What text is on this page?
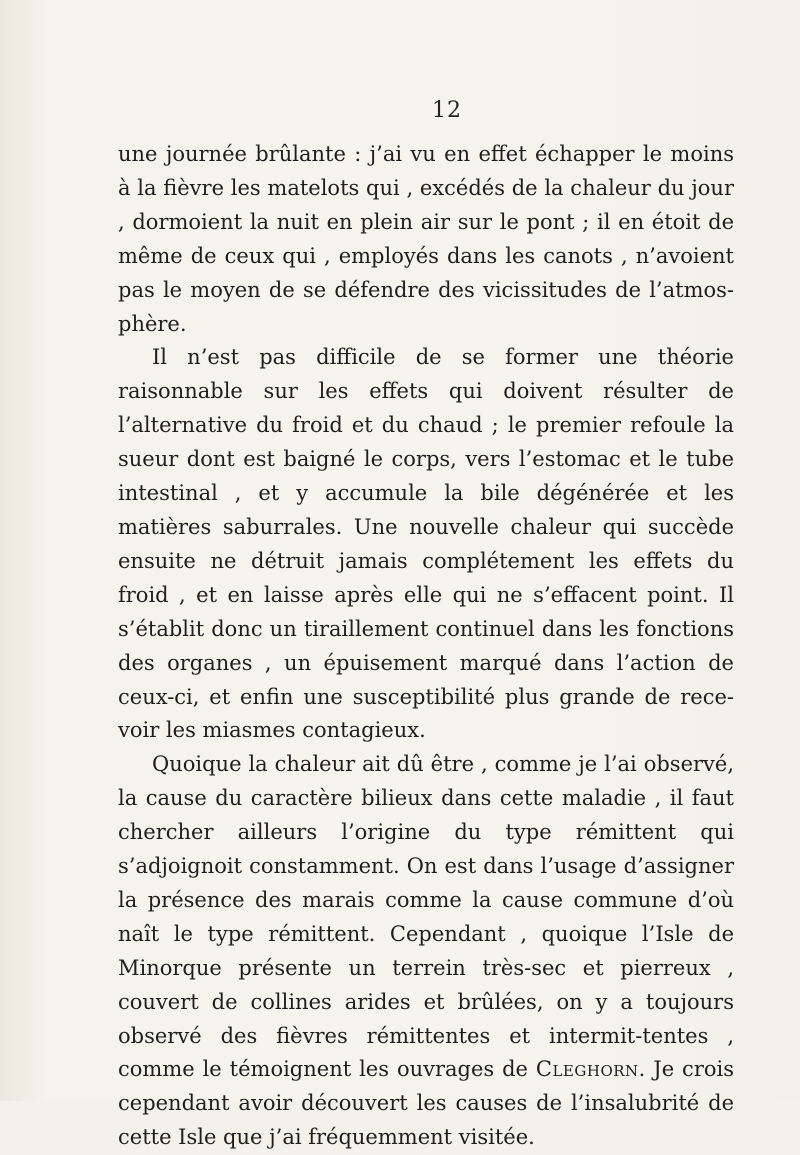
12

une journée brûlante : j’ai vu en effet échapper le moins à la fièvre les matelots qui , excédés de la chaleur du jour , dormoient la nuit en plein air sur le pont ; il en étoit de même de ceux qui , employés dans les canots , n’avoient pas le moyen de se défendre des vicissitudes de l’atmos-phère.

Il n’est pas difficile de se former une théorie raisonnable sur les effets qui doivent résulter de l’alternative du froid et du chaud ; le premier refoule la sueur dont est baigné le corps, vers l’estomac et le tube intestinal , et y accumule la bile dégénérée et les matières saburrales. Une nouvelle chaleur qui succède ensuite ne détruit jamais complétement les effets du froid , et en laisse après elle qui ne s’effacent point. Il s’établit donc un tiraillement continuel dans les fonctions des organes , un épuisement marqué dans l’action de ceux-ci, et enfin une susceptibilité plus grande de rece-voir les miasmes contagieux.

Quoique la chaleur ait dû être , comme je l’ai observé, la cause du caractère bilieux dans cette maladie , il faut chercher ailleurs l’origine du type rémittent qui s’adjoignoit constamment. On est dans l’usage d’assigner la présence des marais comme la cause commune d’où naît le type rémittent. Cependant , quoique l’Isle de Minorque présente un terrein très-sec et pierreux , couvert de collines arides et brûlées, on y a toujours observé des fièvres rémittentes et intermit-tentes , comme le témoignent les ouvrages de Cleghorn. Je crois cependant avoir découvert les causes de l’insalubrité de cette Isle que j’ai fréquemment visitée.
